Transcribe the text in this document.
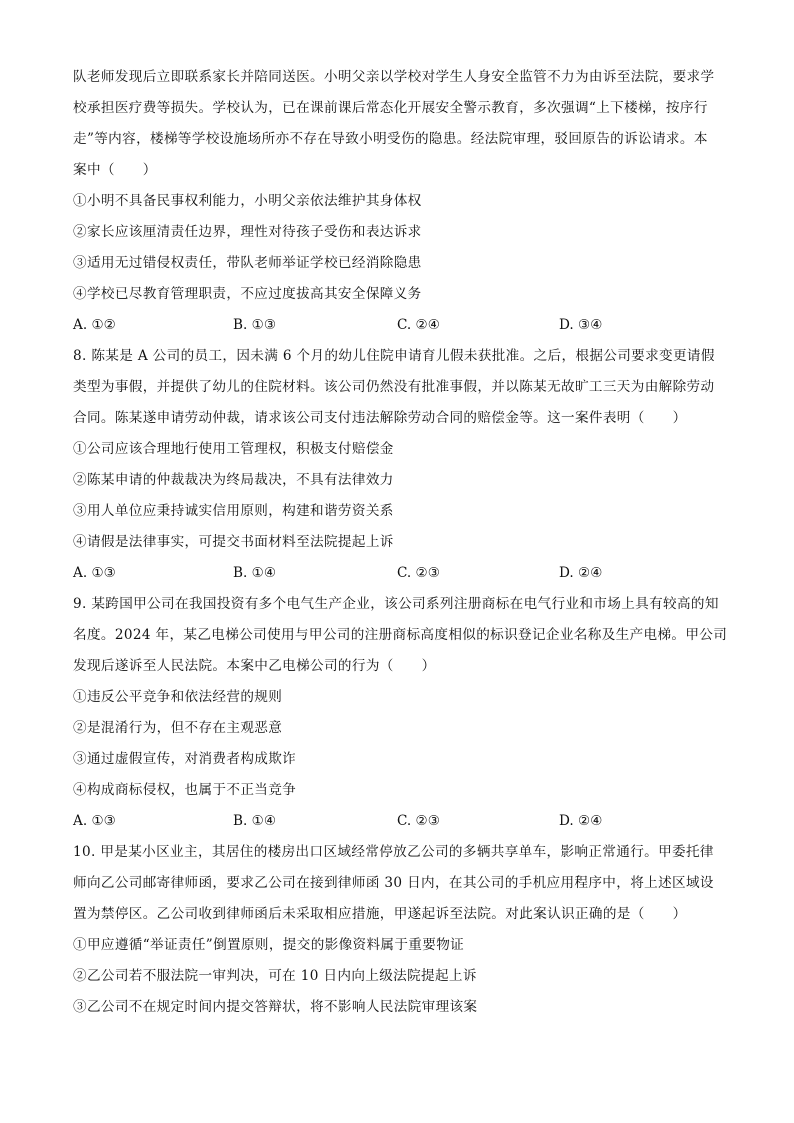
队老师发现后立即联系家长并陪同送医。小明父亲以学校对学生人身安全监管不力为由诉至法院，要求学
校承担医疗费等损失。学校认为，已在课前课后常态化开展安全警示教育，多次强调“上下楼梯，按序行
走”等内容，楼梯等学校设施场所亦不存在导致小明受伤的隐患。经法院审理，驳回原告的诉讼请求。本
案中（　　）
①小明不具备民事权利能力，小明父亲依法维护其身体权
②家长应该厘清责任边界，理性对待孩子受伤和表达诉求
③适用无过错侵权责任，带队老师举证学校已经消除隐患
④学校已尽教育管理职责，不应过度拔高其安全保障义务
A. ①②	B. ①③	C. ②④	D. ③④
8. 陈某是 A 公司的员工，因未满 6 个月的幼儿住院申请育儿假未获批准。之后，根据公司要求变更请假
类型为事假，并提供了幼儿的住院材料。该公司仍然没有批准事假，并以陈某无故旷工三天为由解除劳动
合同。陈某遂申请劳动仲裁，请求该公司支付违法解除劳动合同的赔偿金等。这一案件表明（　　）
①公司应该合理地行使用工管理权，积极支付赔偿金
②陈某申请的仲裁裁决为终局裁决，不具有法律效力
③用人单位应秉持诚实信用原则，构建和谐劳资关系
④请假是法律事实，可提交书面材料至法院提起上诉
A. ①③	B. ①④	C. ②③	D. ②④
9. 某跨国甲公司在我国投资有多个电气生产企业，该公司系列注册商标在电气行业和市场上具有较高的知
名度。2024 年，某乙电梯公司使用与甲公司的注册商标高度相似的标识登记企业名称及生产电梯。甲公司
发现后遂诉至人民法院。本案中乙电梯公司的行为（　　）
①违反公平竞争和依法经营的规则
②是混淆行为，但不存在主观恶意
③通过虚假宣传，对消费者构成欺诈
④构成商标侵权，也属于不正当竞争
A. ①③	B. ①④	C. ②③	D. ②④
10. 甲是某小区业主，其居住的楼房出口区域经常停放乙公司的多辆共享单车，影响正常通行。甲委托律
师向乙公司邮寄律师函，要求乙公司在接到律师函 30 日内，在其公司的手机应用程序中，将上述区域设
置为禁停区。乙公司收到律师函后未采取相应措施，甲遂起诉至法院。对此案认识正确的是（　　）
①甲应遵循“举证责任”倒置原则，提交的影像资料属于重要物证
②乙公司若不服法院一审判决，可在 10 日内向上级法院提起上诉
③乙公司不在规定时间内提交答辩状，将不影响人民法院审理该案
